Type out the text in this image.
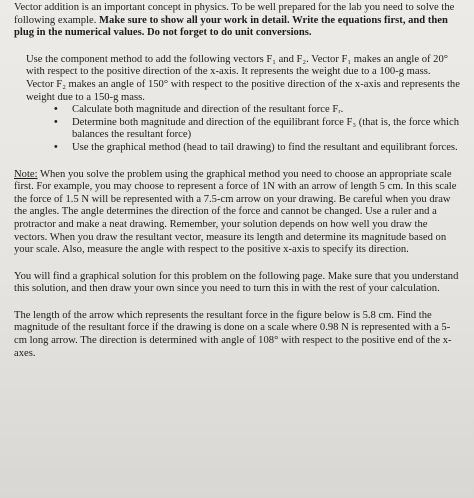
Vector addition is an important concept in physics. To be well prepared for the lab you need to solve the following example. Make sure to show all your work in detail. Write the equations first, and then plug in the numerical values. Do not forget to do unit conversions.

Use the component method to add the following vectors F₁ and F₂. Vector F₁ makes an angle of 20° with respect to the positive direction of the x-axis. It represents the weight due to a 100-g mass. Vector F₂ makes an angle of 150° with respect to the positive direction of the x-axis and represents the weight due to a 150-g mass.

• Calculate both magnitude and direction of the resultant force Fᵣ.
• Determine both magnitude and direction of the equilibrant force F₃ (that is, the force which balances the resultant force)
• Use the graphical method (head to tail drawing) to find the resultant and equilibrant forces.

Note: When you solve the problem using the graphical method you need to choose an appropriate scale first. For example, you may choose to represent a force of 1N with an arrow of length 5 cm. In this scale the force of 1.5 N will be represented with a 7.5-cm arrow on your drawing. Be careful when you draw the angles. The angle determines the direction of the force and cannot be changed. Use a ruler and a protractor and make a neat drawing. Remember, your solution depends on how well you draw the vectors. When you draw the resultant vector, measure its length and determine its magnitude based on your scale. Also, measure the angle with respect to the positive x-axis to specify its direction.

You will find a graphical solution for this problem on the following page. Make sure that you understand this solution, and then draw your own since you need to turn this in with the rest of your calculation.

The length of the arrow which represents the resultant force in the figure below is 5.8 cm. Find the magnitude of the resultant force if the drawing is done on a scale where 0.98 N is represented with a 5-cm long arrow. The direction is determined with angle of 108° with respect to the positive end of the x-axes.
